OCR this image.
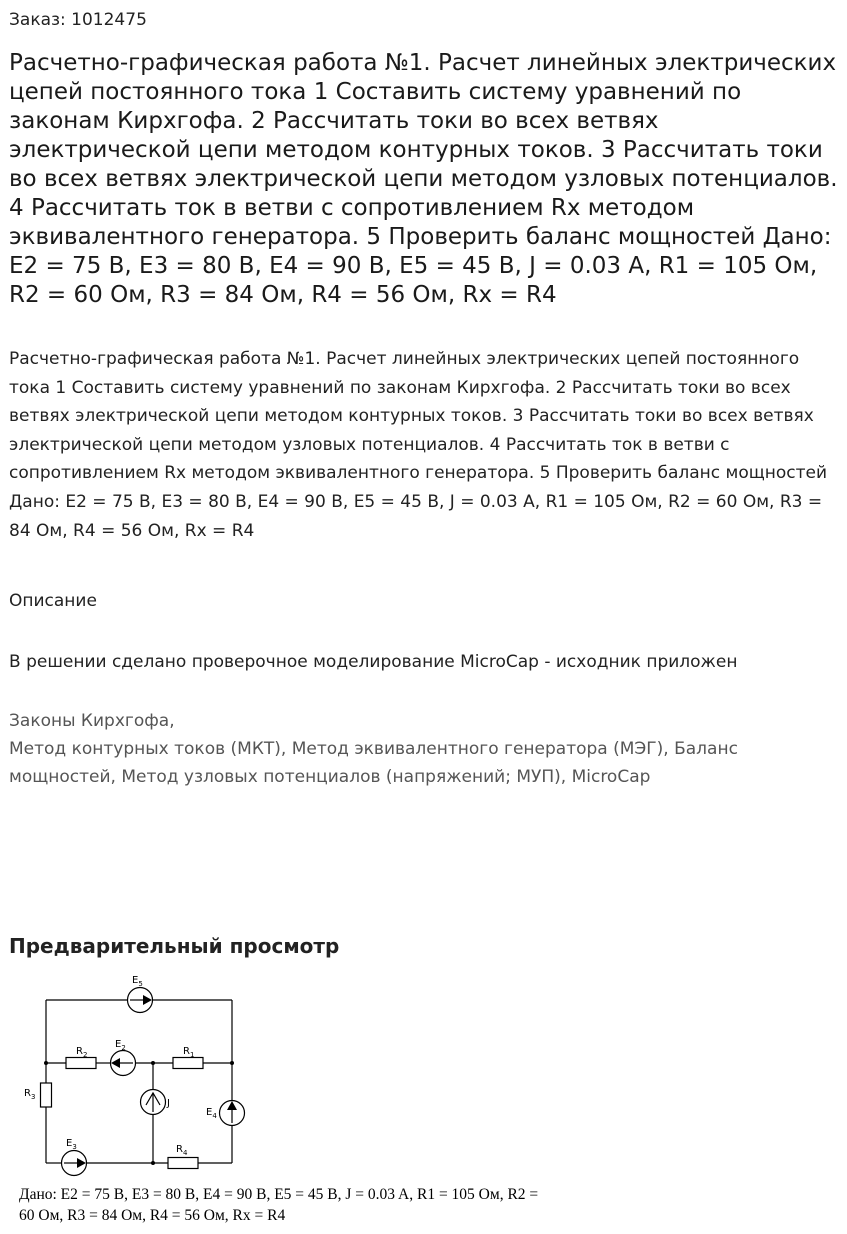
Заказ: 1012475
Расчетно-графическая работа №1. Расчет линейных электрических цепей постоянного тока 1 Составить систему уравнений по законам Кирхгофа. 2 Рассчитать токи во всех ветвях электрической цепи методом контурных токов. 3 Рассчитать токи во всех ветвях электрической цепи методом узловых потенциалов. 4 Рассчитать ток в ветви с сопротивлением Rx методом эквивалентного генератора. 5 Проверить баланс мощностей Дано: E2 = 75 В, E3 = 80 В, E4 = 90 В, E5 = 45 В, J = 0.03 A, R1 = 105 Ом, R2 = 60 Ом, R3 = 84 Ом, R4 = 56 Ом, Rx = R4

Расчетно-графическая работа №1. Расчет линейных электрических цепей постоянного тока 1 Составить систему уравнений по законам Кирхгофа. 2 Рассчитать токи во всех ветвях электрической цепи методом контурных токов. 3 Рассчитать токи во всех ветвях электрической цепи методом узловых потенциалов. 4 Рассчитать ток в ветви с сопротивлением Rx методом эквивалентного генератора. 5 Проверить баланс мощностей Дано: E2 = 75 В, E3 = 80 В, E4 = 90 В, E5 = 45 В, J = 0.03 A, R1 = 105 Ом, R2 = 60 Ом, R3 = 84 Ом, R4 = 56 Ом, Rx = R4

Описание
В решении сделано проверочное моделирование MicroCap - исходник приложен
Законы Кирхгофа,
Метод контурных токов (МКТ), Метод эквивалентного генератора (МЭГ), Баланс мощностей, Метод узловых потенциалов (напряжений; МУП), MicroCap
Предварительный просмотр
$E_5$
$R_2$
$E_2$	$R_1$
$R_3$
J
$E_4$
$E_3$	$R_4$
Дано: E2 = 75 В, E3 = 80 В, E4 = 90 В, E5 = 45 В, J = 0.03 A, R1 = 105 Ом, R2 =
60 Ом, R3 = 84 Ом, R4 = 56 Ом, Rx = R4
